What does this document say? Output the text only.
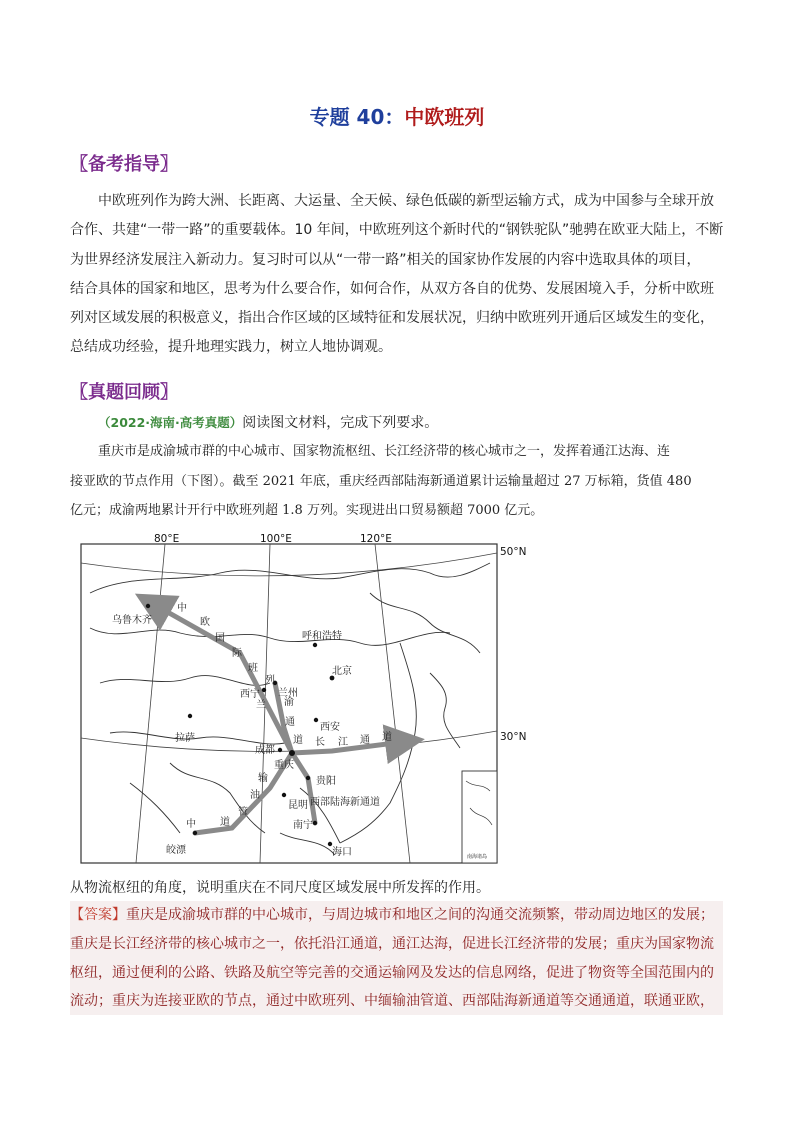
专题 40：中欧班列
〖备考指导〗
中欧班列作为跨大洲、长距离、大运量、全天候、绿色低碳的新型运输方式，成为中国参与全球开放
合作、共建“一带一路”的重要载体。10 年间，中欧班列这个新时代的“钢铁驼队”驰骋在欧亚大陆上，不断
为世界经济发展注入新动力。复习时可以从“一带一路”相关的国家协作发展的内容中选取具体的项目，
结合具体的国家和地区，思考为什么要合作，如何合作，从双方各自的优势、发展困境入手，分析中欧班
列对区域发展的积极意义，指出合作区域的区域特征和发展状况，归纳中欧班列开通后区域发生的变化，
总结成功经验，提升地理实践力，树立人地协调观。
〖真题回顾〗
（2022·海南·高考真题）阅读图文材料，完成下列要求。
重庆市是成渝城市群的中心城市、国家物流枢纽、长江经济带的核心城市之一，发挥着通江达海、连
接亚欧的节点作用（下图）。截至 2021 年底，重庆经西部陆海新通道累计运输量超过 27 万标箱，货值 480
亿元；成渝两地累计开行中欧班列超 1.8 万列。实现进出口贸易额超 7000 亿元。
南海诸岛
80°E	100°E	120°E
50°N
30°N
乌鲁木齐
呼和浩特
北京
西宁 兰州
西安
拉萨
成都
重庆
贵阳
昆明
南宁
海口
皎漂
中
欧
国
际
班
列
兰 渝
通
道 长 江 通 道
西部陆海新通道
输
油
管
道
中
从物流枢纽的角度，说明重庆在不同尺度区域发展中所发挥的作用。
【答案】重庆是成渝城市群的中心城市，与周边城市和地区之间的沟通交流频繁，带动周边地区的发展；
重庆是长江经济带的核心城市之一，依托沿江通道，通江达海，促进长江经济带的发展；重庆为国家物流
枢纽，通过便利的公路、铁路及航空等完善的交通运输网及发达的信息网络，促进了物资等全国范围内的
流动；重庆为连接亚欧的节点，通过中欧班列、中缅输油管道、西部陆海新通道等交通通道，联通亚欧，
